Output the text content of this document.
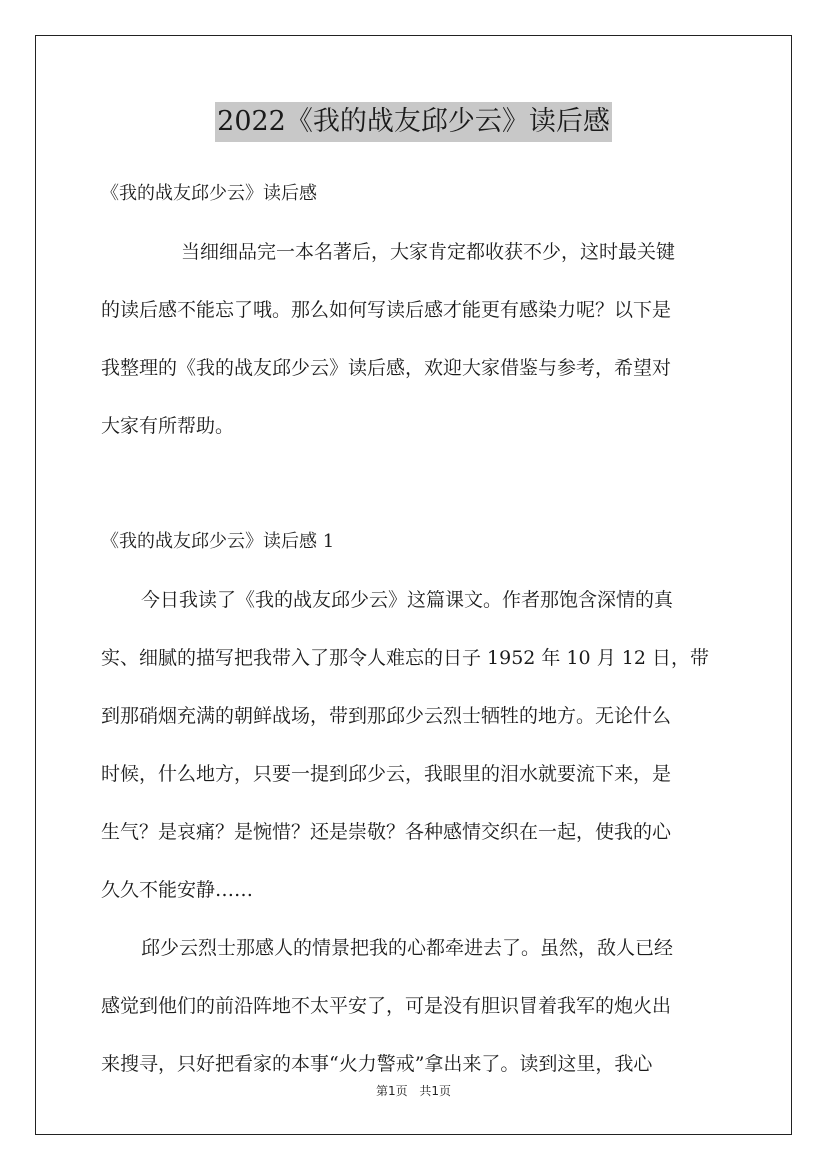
2022《我的战友邱少云》读后感
《我的战友邱少云》读后感
当细细品完一本名著后，大家肯定都收获不少，这时最关键
的读后感不能忘了哦。那么如何写读后感才能更有感染力呢？以下是
我整理的《我的战友邱少云》读后感，欢迎大家借鉴与参考，希望对
大家有所帮助。
《我的战友邱少云》读后感 1
今日我读了《我的战友邱少云》这篇课文。作者那饱含深情的真
实、细腻的描写把我带入了那令人难忘的日子 1952 年 10 月 12 日，带
到那硝烟充满的朝鲜战场，带到那邱少云烈士牺牲的地方。无论什么
时候，什么地方，只要一提到邱少云，我眼里的泪水就要流下来，是
生气？是哀痛？是惋惜？还是崇敬？各种感情交织在一起，使我的心
久久不能安静……
邱少云烈士那感人的情景把我的心都牵进去了。虽然，敌人已经
感觉到他们的前沿阵地不太平安了，可是没有胆识冒着我军的炮火出
来搜寻，只好把看家的本事“火力警戒”拿出来了。读到这里，我心
第1页 共1页
